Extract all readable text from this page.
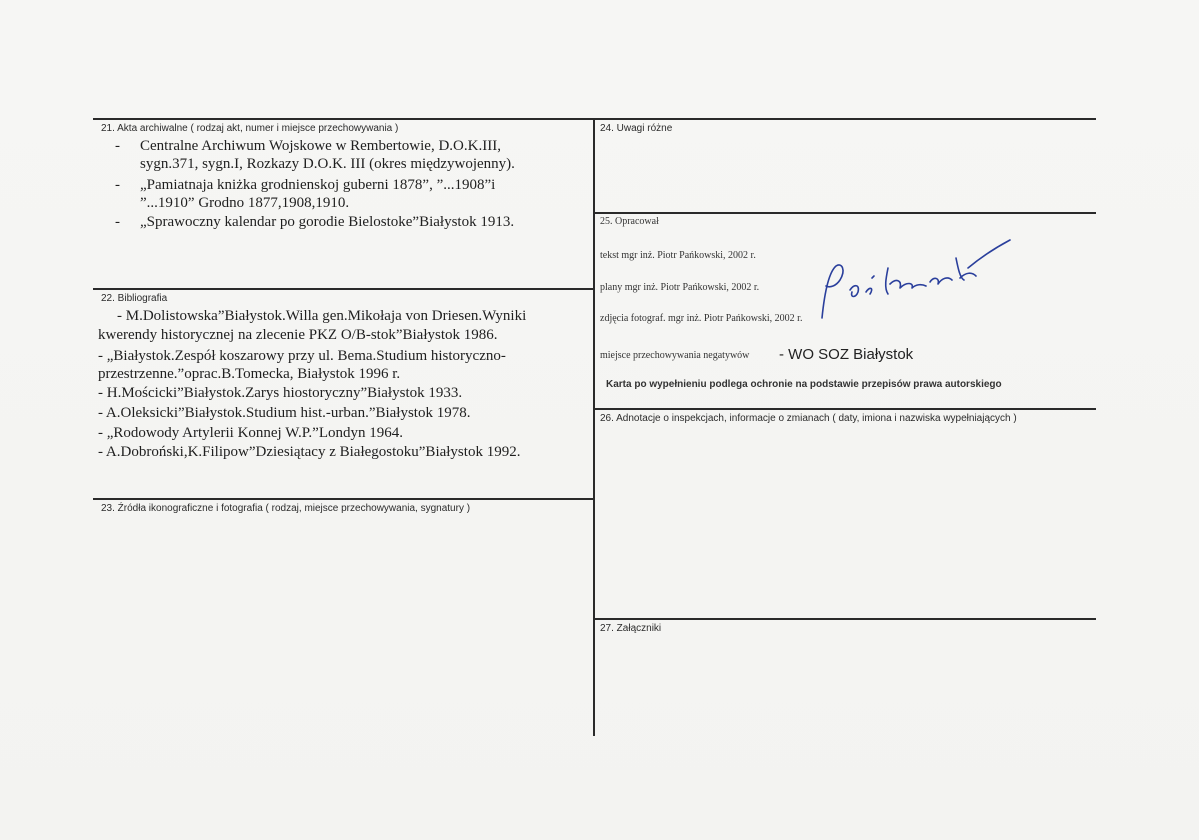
21. Akta archiwalne ( rodzaj akt, numer i miejsce przechowywania )
- Centralne Archiwum Wojskowe w Rembertowie, D.O.K.III,
sygn.371, sygn.I, Rozkazy D.O.K. III (okres międzywojenny).
- „Pamiatnaja kniżka grodnienskoj guberni 1878”, ”...1908”i
”...1910” Grodno 1877,1908,1910.
- „Sprawoczny kalendar po gorodie Bielostoke”Białystok 1913.
22. Bibliografia
- M.Dolistowska”Białystok.Willa gen.Mikołaja von Driesen.Wyniki
kwerendy historycznej na zlecenie PKZ O/B-stok”Białystok 1986.
- „Białystok.Zespół koszarowy przy ul. Bema.Studium historyczno-
przestrzenne.”oprac.B.Tomecka, Białystok 1996 r.
- H.Mościcki”Białystok.Zarys hiostoryczny”Białystok 1933.
- A.Oleksicki”Białystok.Studium hist.-urban.”Białystok 1978.
- „Rodowody Artylerii Konnej W.P.”Londyn 1964.
- A.Dobroński,K.Filipow”Dziesiątacy z Białegostoku”Białystok 1992.
23. Źródła ikonograficzne i fotografia ( rodzaj, miejsce przechowywania, sygnatury )
24. Uwagi różne
25. Opracował
tekst mgr inż. Piotr Pańkowski, 2002 r.
plany mgr inż. Piotr Pańkowski, 2002 r.
zdjęcia fotograf. mgr inż. Piotr Pańkowski, 2002 r.
miejsce przechowywania negatywów - WO SOZ Białystok
Karta po wypełnieniu podlega ochronie na podstawie przepisów prawa autorskiego
26. Adnotacje o inspekcjach, informacje o zmianach ( daty, imiona i nazwiska wypełniających )
27. Załączniki
